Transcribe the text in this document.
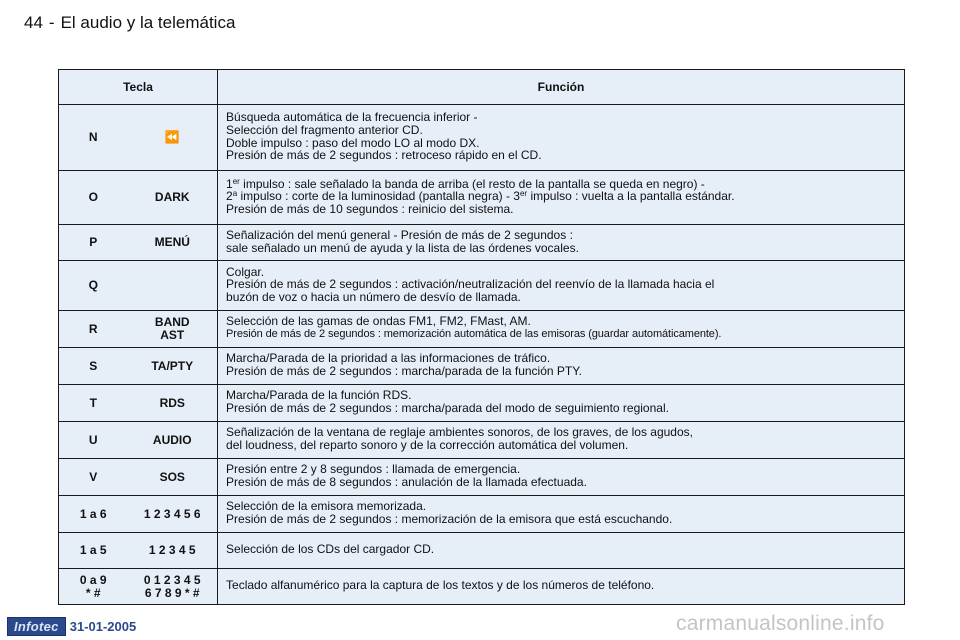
44 - El audio y la telemática
Tecla		Función
N	⏪	Búsqueda automática de la frecuencia inferior -
Selección del fragmento anterior CD.
Doble impulso : paso del modo LO al modo DX.
Presión de más de 2 segundos : retroceso rápido en el CD.

O	DARK	1er impulso : sale señalado la banda de arriba (el resto de la pantalla se queda en negro) -
2$^a$ impulso : corte de la luminosidad (pantalla negra) - 3er impulso : vuelta a la pantalla estándar.
Presión de más de 10 segundos : reinicio del sistema.

P	MENÚ	Señalización del menú general - Presión de más de 2 segundos :
sale señalado un menú de ayuda y la lista de las órdenes vocales.

Q		Colgar.
Presión de más de 2 segundos : activación/neutralización del reenvío de la llamada hacia el
buzón de voz o hacia un número de desvío de llamada.

R	BAND
AST	Selección de las gamas de ondas FM1, FM2, FMast, AM.
Presión de más de 2 segundos : memorización automática de las emisoras (guardar automáticamente).

S	TA/PTY	Marcha/Parada de la prioridad a las informaciones de tráfico.
Presión de más de 2 segundos : marcha/parada de la función PTY.

T	RDS	Marcha/Parada de la función RDS.
Presión de más de 2 segundos : marcha/parada del modo de seguimiento regional.

U	AUDIO	Señalización de la ventana de reglaje ambientes sonoros, de los graves, de los agudos,
del loudness, del reparto sonoro y de la corrección automática del volumen.

V	SOS	Presión entre 2 y 8 segundos : llamada de emergencia.
Presión de más de 8 segundos : anulación de la llamada efectuada.

1 a 6	1 2 3 4 5 6	Selección de la emisora memorizada.
Presión de más de 2 segundos : memorización de la emisora que está escuchando.

1 a 5	1 2 3 4 5	Selección de los CDs del cargador CD.

0 a 9
* #	0 1 2 3 4 5
6 7 8 9 * #	Teclado alfanumérico para la captura de los textos y de los números de teléfono.
Infotec 31-01-2005	carmanualsonline.info
